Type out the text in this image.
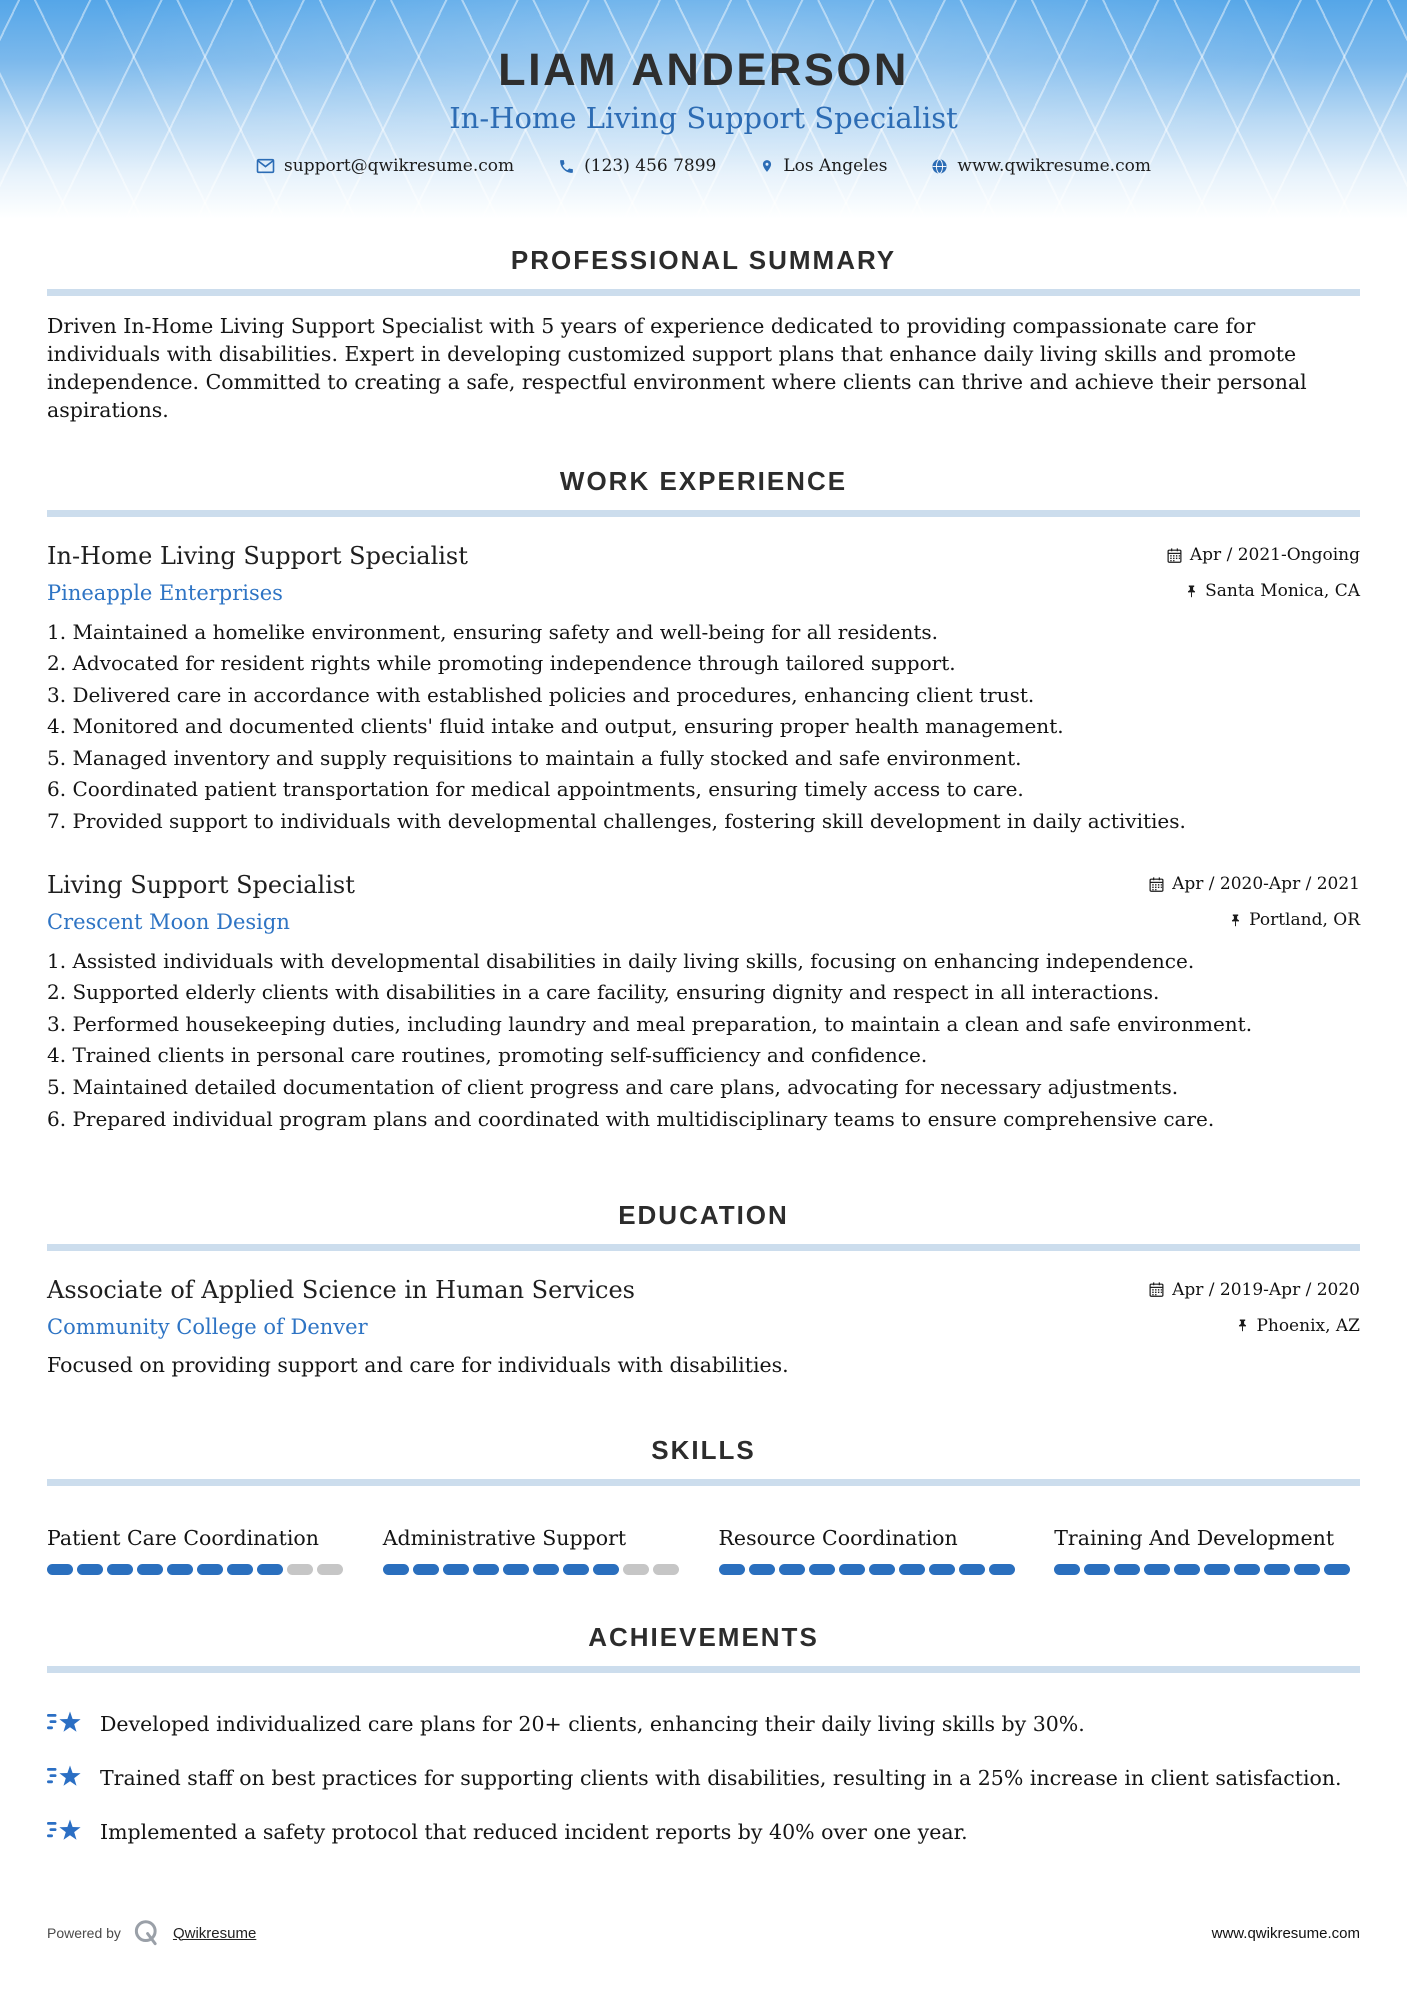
LIAM ANDERSON
In-Home Living Support Specialist
support@qwikresume.com	(123) 456 7899	Los Angeles	www.qwikresume.com
PROFESSIONAL SUMMARY

Driven In-Home Living Support Specialist with 5 years of experience dedicated to providing compassionate care for individuals with disabilities. Expert in developing customized support plans that enhance daily living skills and promote independence. Committed to creating a safe, respectful environment where clients can thrive and achieve their personal aspirations.

WORK EXPERIENCE
In-Home Living Support Specialist	Apr / 2021-Ongoing
Pineapple Enterprises	Santa Monica, CA
1. Maintained a homelike environment, ensuring safety and well-being for all residents.
2. Advocated for resident rights while promoting independence through tailored support.
3. Delivered care in accordance with established policies and procedures, enhancing client trust.
4. Monitored and documented clients' fluid intake and output, ensuring proper health management.
5. Managed inventory and supply requisitions to maintain a fully stocked and safe environment.
6. Coordinated patient transportation for medical appointments, ensuring timely access to care.
7. Provided support to individuals with developmental challenges, fostering skill development in daily activities.
Living Support Specialist	Apr / 2020-Apr / 2021
Crescent Moon Design	Portland, OR
1. Assisted individuals with developmental disabilities in daily living skills, focusing on enhancing independence.
2. Supported elderly clients with disabilities in a care facility, ensuring dignity and respect in all interactions.
3. Performed housekeeping duties, including laundry and meal preparation, to maintain a clean and safe environment.
4. Trained clients in personal care routines, promoting self-sufficiency and confidence.
5. Maintained detailed documentation of client progress and care plans, advocating for necessary adjustments.
6. Prepared individual program plans and coordinated with multidisciplinary teams to ensure comprehensive care.
EDUCATION
Associate of Applied Science in Human Services	Apr / 2019-Apr / 2020
Community College of Denver	Phoenix, AZ

Focused on providing support and care for individuals with disabilities.

SKILLS
Patient Care Coordination	Administrative Support	Resource Coordination	Training And Development
ACHIEVEMENTS
Developed individualized care plans for 20+ clients, enhancing their daily living skills by 30%.
Trained staff on best practices for supporting clients with disabilities, resulting in a 25% increase in client satisfaction.
Implemented a safety protocol that reduced incident reports by 40% over one year.
Powered by	Qwikresume	www.qwikresume.com
